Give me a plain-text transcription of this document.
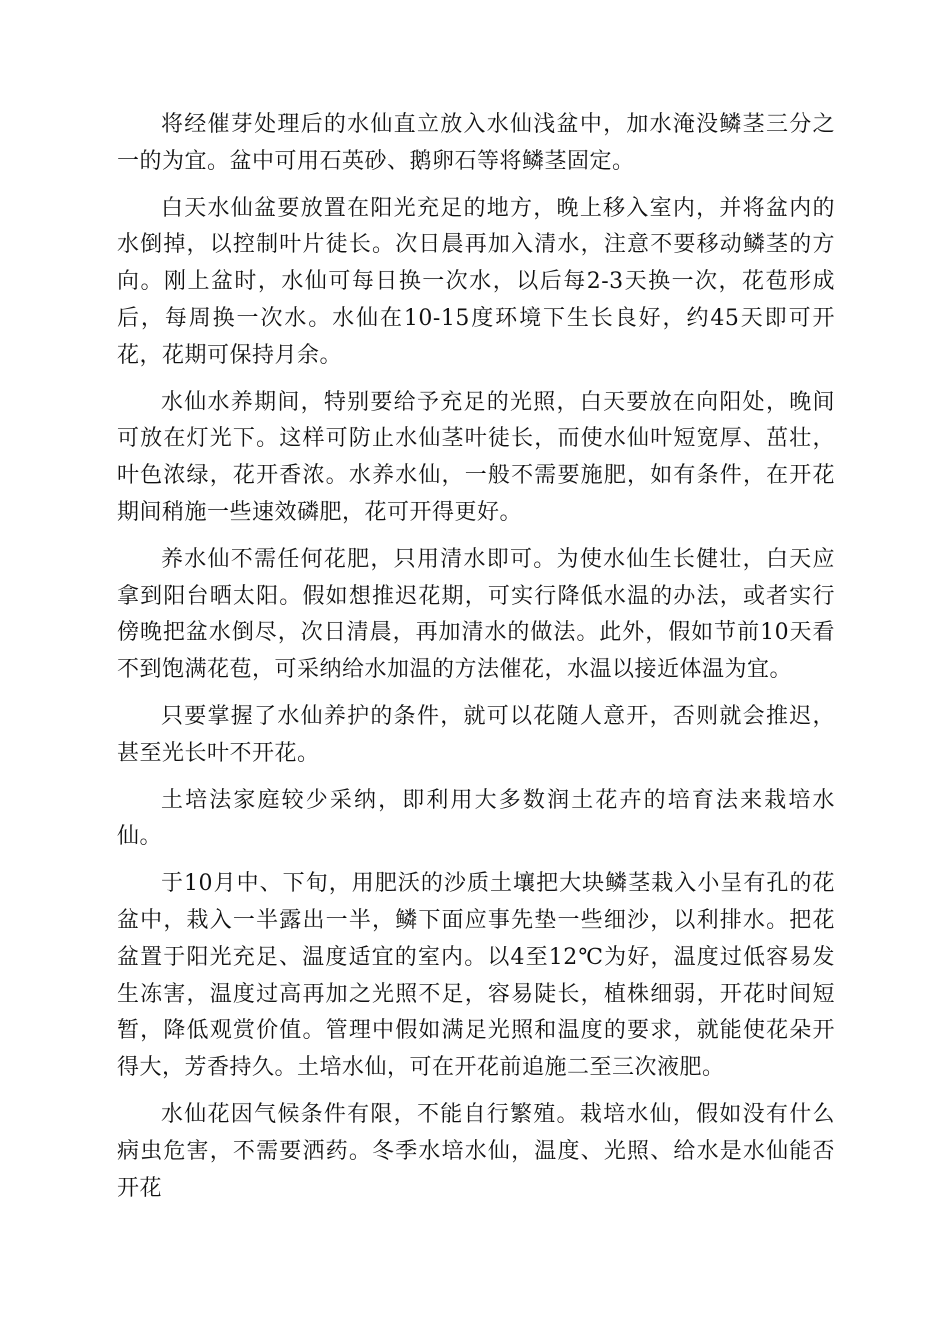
将经催芽处理后的水仙直立放入水仙浅盆中，加水淹没鳞茎三分之一的为宜。盆中可用石英砂、鹅卵石等将鳞茎固定。

白天水仙盆要放置在阳光充足的地方，晚上移入室内，并将盆内的水倒掉，以控制叶片徒长。次日晨再加入清水，注意不要移动鳞茎的方向。刚上盆时，水仙可每日换一次水，以后每2-3天换一次，花苞形成后，每周换一次水。水仙在10-15度环境下生长良好，约45天即可开花，花期可保持月余。

水仙水养期间，特别要给予充足的光照，白天要放在向阳处，晚间可放在灯光下。这样可防止水仙茎叶徒长，而使水仙叶短宽厚、茁壮，叶色浓绿，花开香浓。水养水仙，一般不需要施肥，如有条件，在开花期间稍施一些速效磷肥，花可开得更好。

养水仙不需任何花肥，只用清水即可。为使水仙生长健壮，白天应拿到阳台晒太阳。假如想推迟花期，可实行降低水温的办法，或者实行傍晚把盆水倒尽，次日清晨，再加清水的做法。此外，假如节前10天看不到饱满花苞，可采纳给水加温的方法催花，水温以接近体温为宜。

只要掌握了水仙养护的条件，就可以花随人意开，否则就会推迟，甚至光长叶不开花。

土培法家庭较少采纳，即利用大多数润土花卉的培育法来栽培水仙。

于10月中、下旬，用肥沃的沙质土壤把大块鳞茎栽入小呈有孔的花盆中，栽入一半露出一半，鳞下面应事先垫一些细沙，以利排水。把花盆置于阳光充足、温度适宜的室内。以4至12℃为好，温度过低容易发生冻害，温度过高再加之光照不足，容易陡长，植株细弱，开花时间短暂，降低观赏价值。管理中假如满足光照和温度的要求，就能使花朵开得大，芳香持久。土培水仙，可在开花前追施二至三次液肥。

水仙花因气候条件有限，不能自行繁殖。栽培水仙，假如没有什么病虫危害，不需要洒药。冬季水培水仙，温度、光照、给水是水仙能否开花
